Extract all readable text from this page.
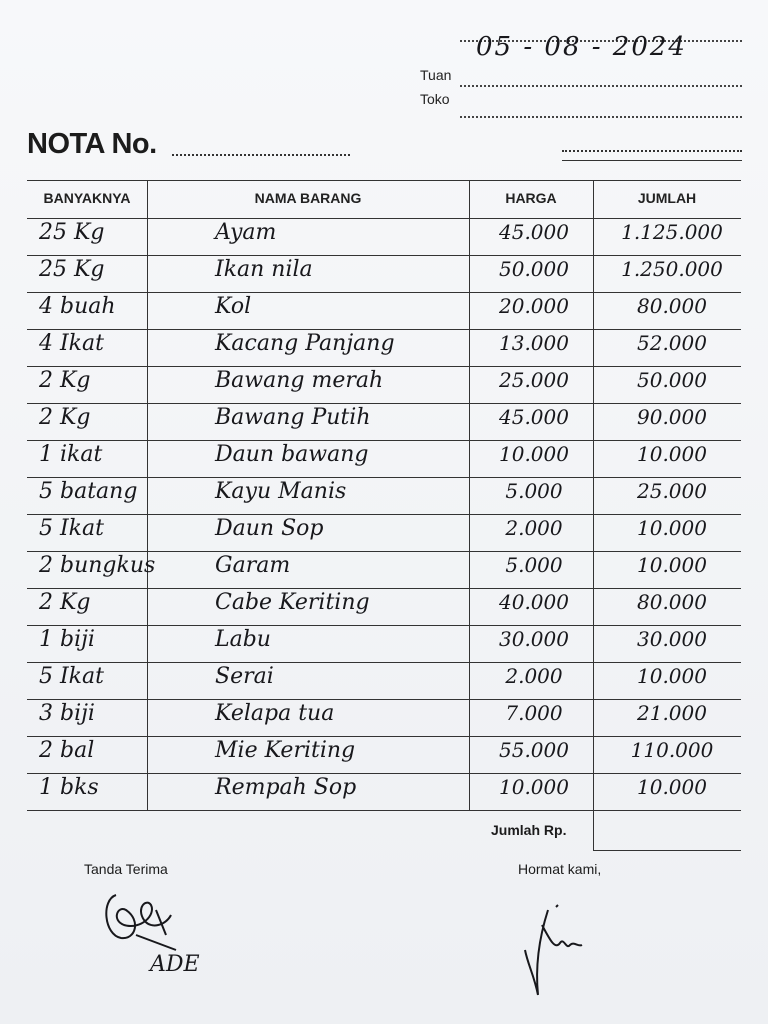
05 - 08 - 2024
Tuan
Toko
NOTA No.
BANYAKNYA	NAMA BARANG	HARGA	JUMLAH
25 Kg	Ayam	45.000	1.125.000
25 Kg	Ikan nila	50.000	1.250.000
4 buah	Kol	20.000	80.000
4 Ikat	Kacang Panjang	13.000	52.000
2 Kg	Bawang merah	25.000	50.000
2 Kg	Bawang Putih	45.000	90.000
1 ikat	Daun bawang	10.000	10.000
5 batang	Kayu Manis	5.000	25.000
5 Ikat	Daun Sop	2.000	10.000
2 bungkus	Garam	5.000	10.000
2 Kg	Cabe Keriting	40.000	80.000
1 biji	Labu	30.000	30.000
5 Ikat	Serai	2.000	10.000
3 biji	Kelapa tua	7.000	21.000
2 bal	Mie Keriting	55.000	110.000
1 bks	Rempah Sop	10.000	10.000
Jumlah Rp.
Tanda Terima	Hormat kami,
ADE
